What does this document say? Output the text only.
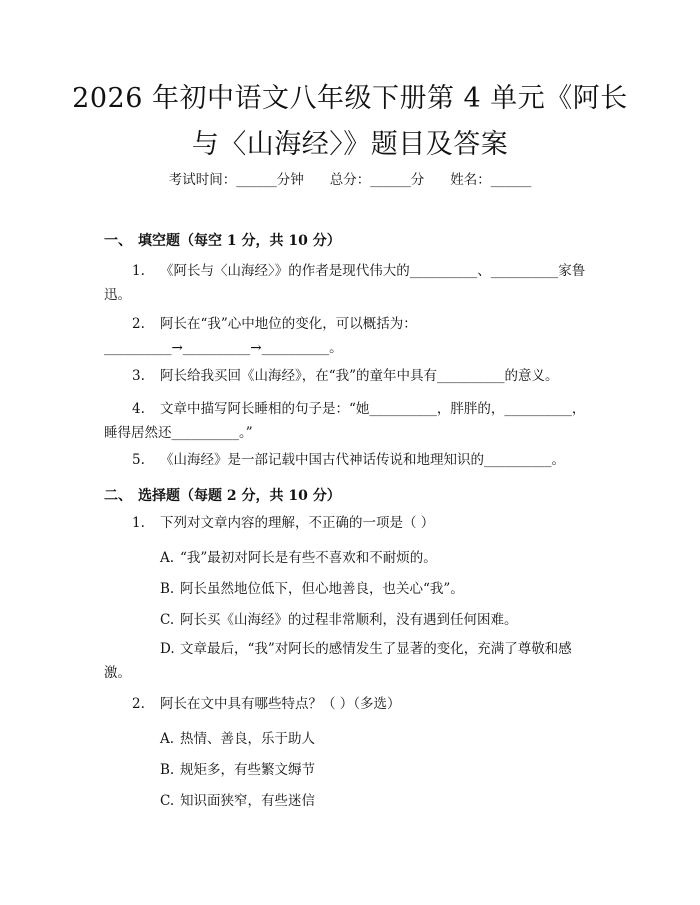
2026 年初中语文八年级下册第 4 单元《阿长
与〈山海经〉》题目及答案
考试时间：______分钟 总分：______分 姓名：______
一、 填空题（每空 1 分，共 10 分）
1. 《阿长与〈山海经〉》的作者是现代伟大的__________、__________家鲁
迅。
2. 阿长在“我”心中地位的变化，可以概括为：
__________→__________→__________。
3. 阿长给我买回《山海经》，在“我”的童年中具有__________的意义。
4. 文章中描写阿长睡相的句子是：“她__________，胖胖的，__________，
睡得居然还__________。”
5. 《山海经》是一部记载中国古代神话传说和地理知识的__________。
二、 选择题（每题 2 分，共 10 分）
1. 下列对文章内容的理解，不正确的一项是（ ）
A. “我”最初对阿长是有些不喜欢和不耐烦的。
B. 阿长虽然地位低下，但心地善良，也关心“我”。
C. 阿长买《山海经》的过程非常顺利，没有遇到任何困难。
D. 文章最后，“我”对阿长的感情发生了显著的变化，充满了尊敬和感
激。
2. 阿长在文中具有哪些特点？（ ）（多选）
A. 热情、善良，乐于助人
B. 规矩多，有些繁文缛节
C. 知识面狭窄，有些迷信
